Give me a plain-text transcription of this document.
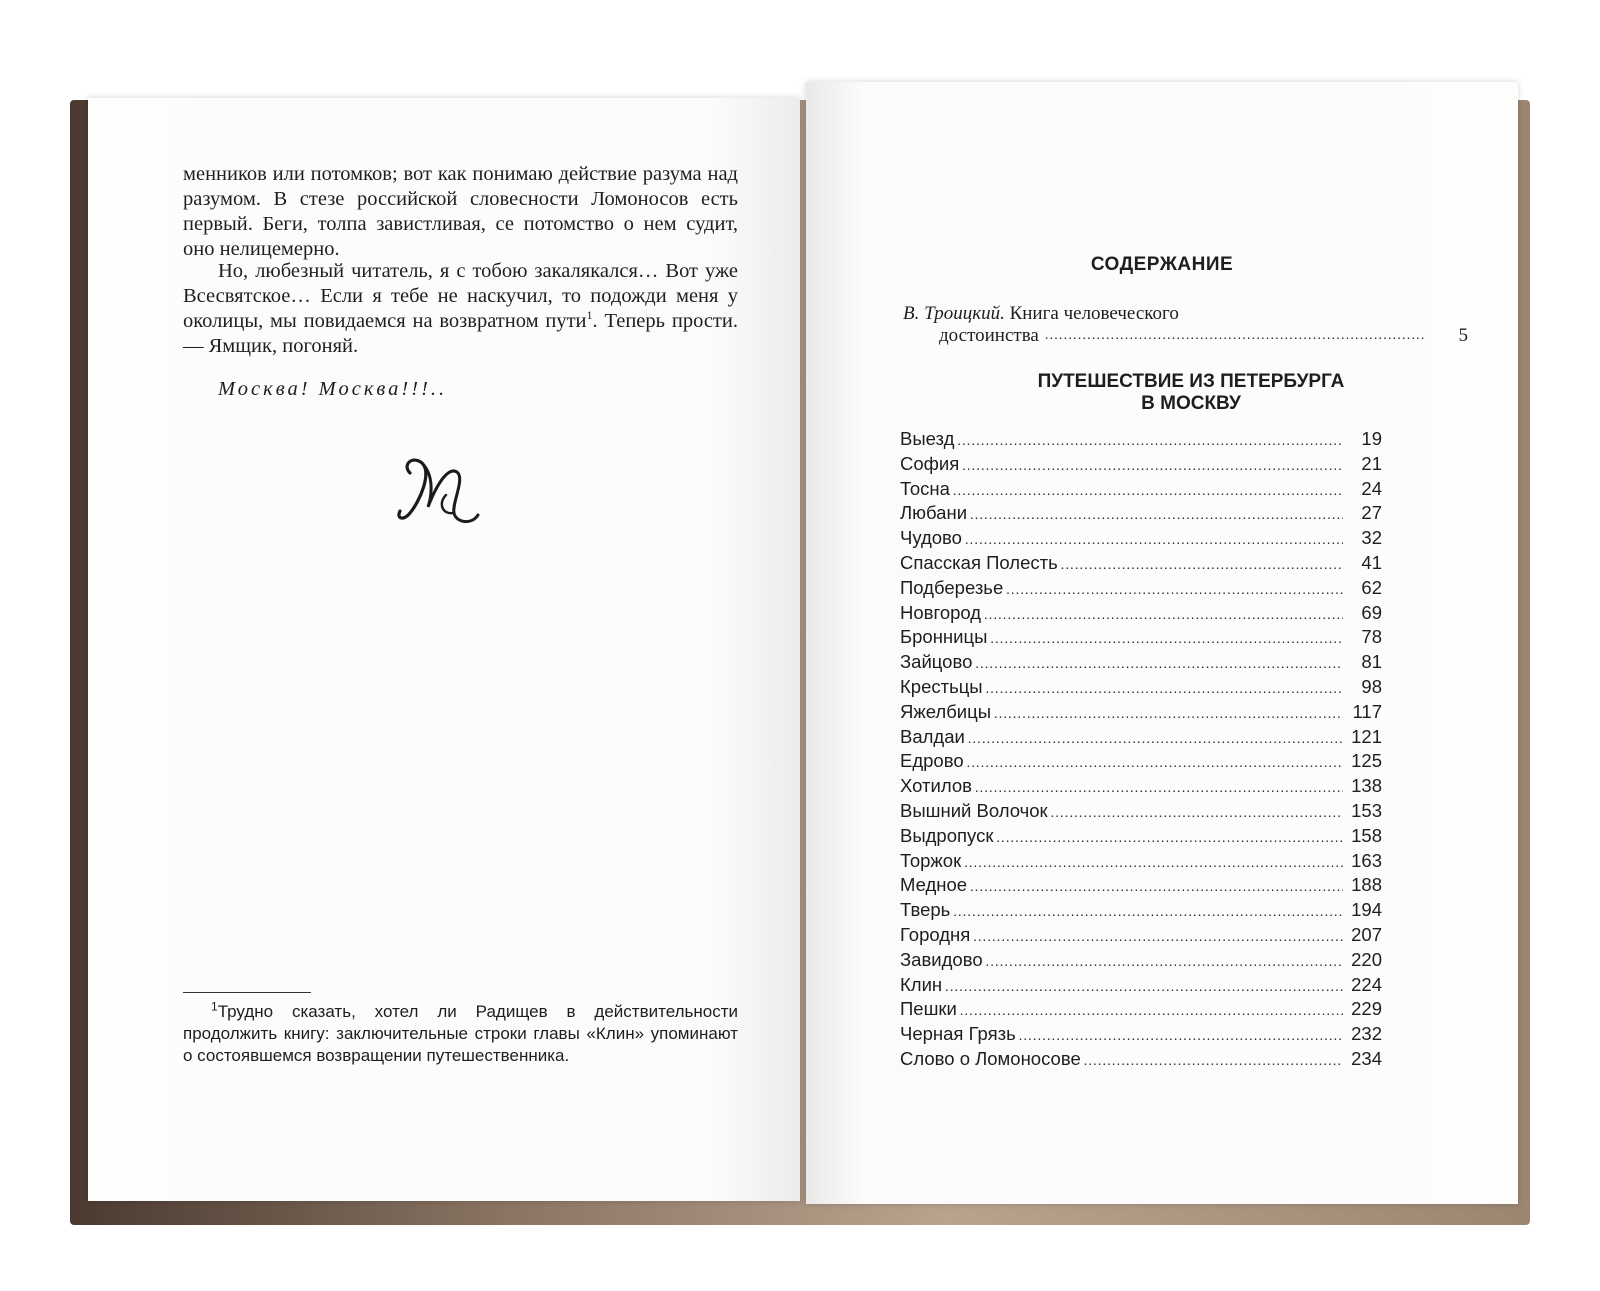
менников или потомков; вот как понимаю действие разума над разумом. В стезе российской словесности Ломоносов есть первый. Беги, толпа завистливая, се потомство о нем судит, оно нелицемерно.

Но, любезный читатель, я с тобою закалякался… Вот уже Всесвятское… Если я тебе не наскучил, то подожди меня у околицы, мы повидаемся на возвратном пути$^1$. Теперь прости. — Ямщик, погоняй.

Москва! Москва!!!..

$^1$Трудно сказать, хотел ли Радищев в действительности продолжить книгу: заключительные строки главы «Клин» упоминают о состоявшемся возвращении путешественника.

СОДЕРЖАНИЕ
В. Троицкий. Книга человеческого
достоинства .....	5
ПУТЕШЕСТВИЕ ИЗ ПЕТЕРБУРГА
В МОСКВУ
Выезд .....	19
София .....	21
Тосна .....	24
Любани .....	27
Чудово .....	32
Спасская Полесть .....	41
Подберезье .....	62
Новгород .....	69
Бронницы .....	78
Зайцово .....	81
Крестьцы .....	98
Яжелбицы .....	117
Валдаи .....	121
Едрово .....	125
Хотилов .....	138
Вышний Волочок .....	153
Выдропуск .....	158
Торжок .....	163
Медное .....	188
Тверь .....	194
Городня .....	207
Завидово .....	220
Клин .....	224
Пешки .....	229
Черная Грязь .....	232
Слово о Ломоносове .....	234
